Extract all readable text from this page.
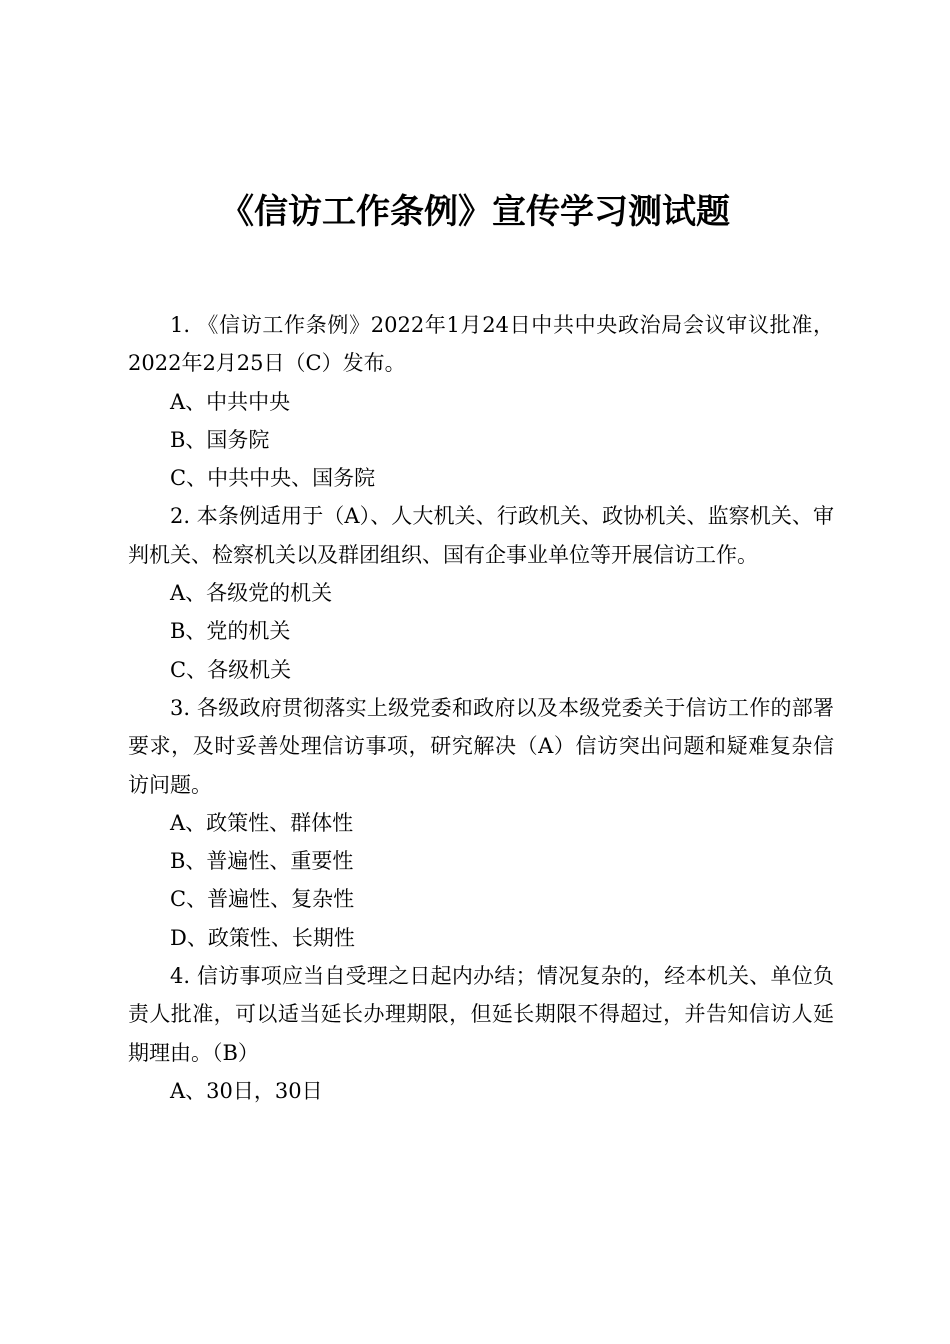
《信访工作条例》宣传学习测试题

1. 《信访工作条例》2022年1月24日中共中央政治局会议审议批准，2022年2月25日（C）发布。

A、中共中央

B、国务院

C、中共中央、国务院

2. 本条例适用于（A）、人大机关、行政机关、政协机关、监察机关、审判机关、检察机关以及群团组织、国有企事业单位等开展信访工作。

A、各级党的机关

B、党的机关

C、各级机关

3. 各级政府贯彻落实上级党委和政府以及本级党委关于信访工作的部署要求，及时妥善处理信访事项，研究解决（A）信访突出问题和疑难复杂信访问题。

A、政策性、群体性

B、普遍性、重要性

C、普遍性、复杂性

D、政策性、长期性

4. 信访事项应当自受理之日起内办结；情况复杂的，经本机关、单位负责人批准，可以适当延长办理期限，但延长期限不得超过，并告知信访人延期理由。（B）

A、30日，30日
